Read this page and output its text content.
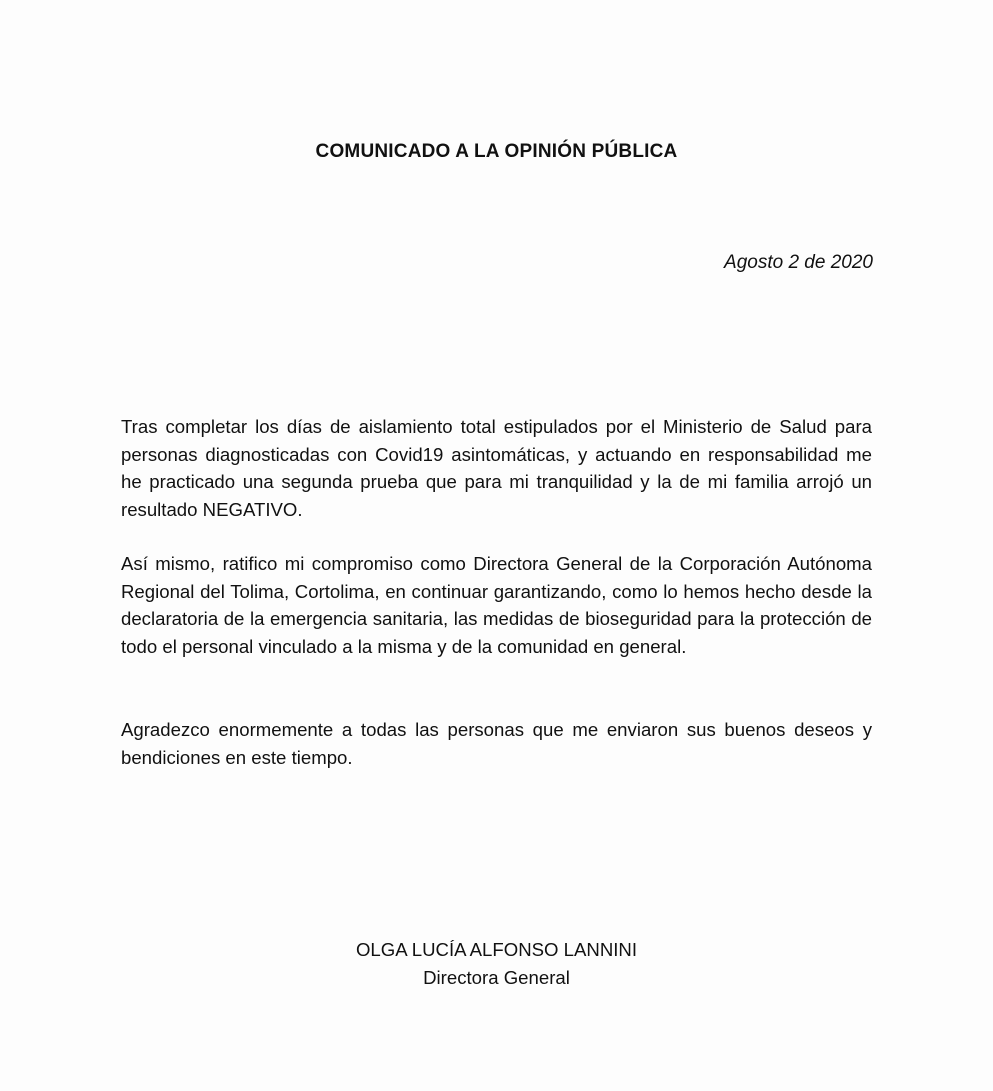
COMUNICADO A LA OPINIÓN PÚBLICA
Agosto 2 de 2020
Tras completar los días de aislamiento total estipulados por el Ministerio de Salud para personas diagnosticadas con Covid19 asintomáticas, y actuando en responsabilidad me he practicado una segunda prueba que para mi tranquilidad y la de mi familia arrojó un resultado NEGATIVO.
Así mismo, ratifico mi compromiso como Directora General de la Corporación Autónoma Regional del Tolima, Cortolima, en continuar garantizando, como lo hemos hecho desde la declaratoria de la emergencia sanitaria, las medidas de bioseguridad para la protección de todo el personal vinculado a la misma y de la comunidad en general.
Agradezco enormemente a todas las personas que me enviaron sus buenos deseos y bendiciones en este tiempo.
OLGA LUCÍA ALFONSO LANNINI
Directora General
